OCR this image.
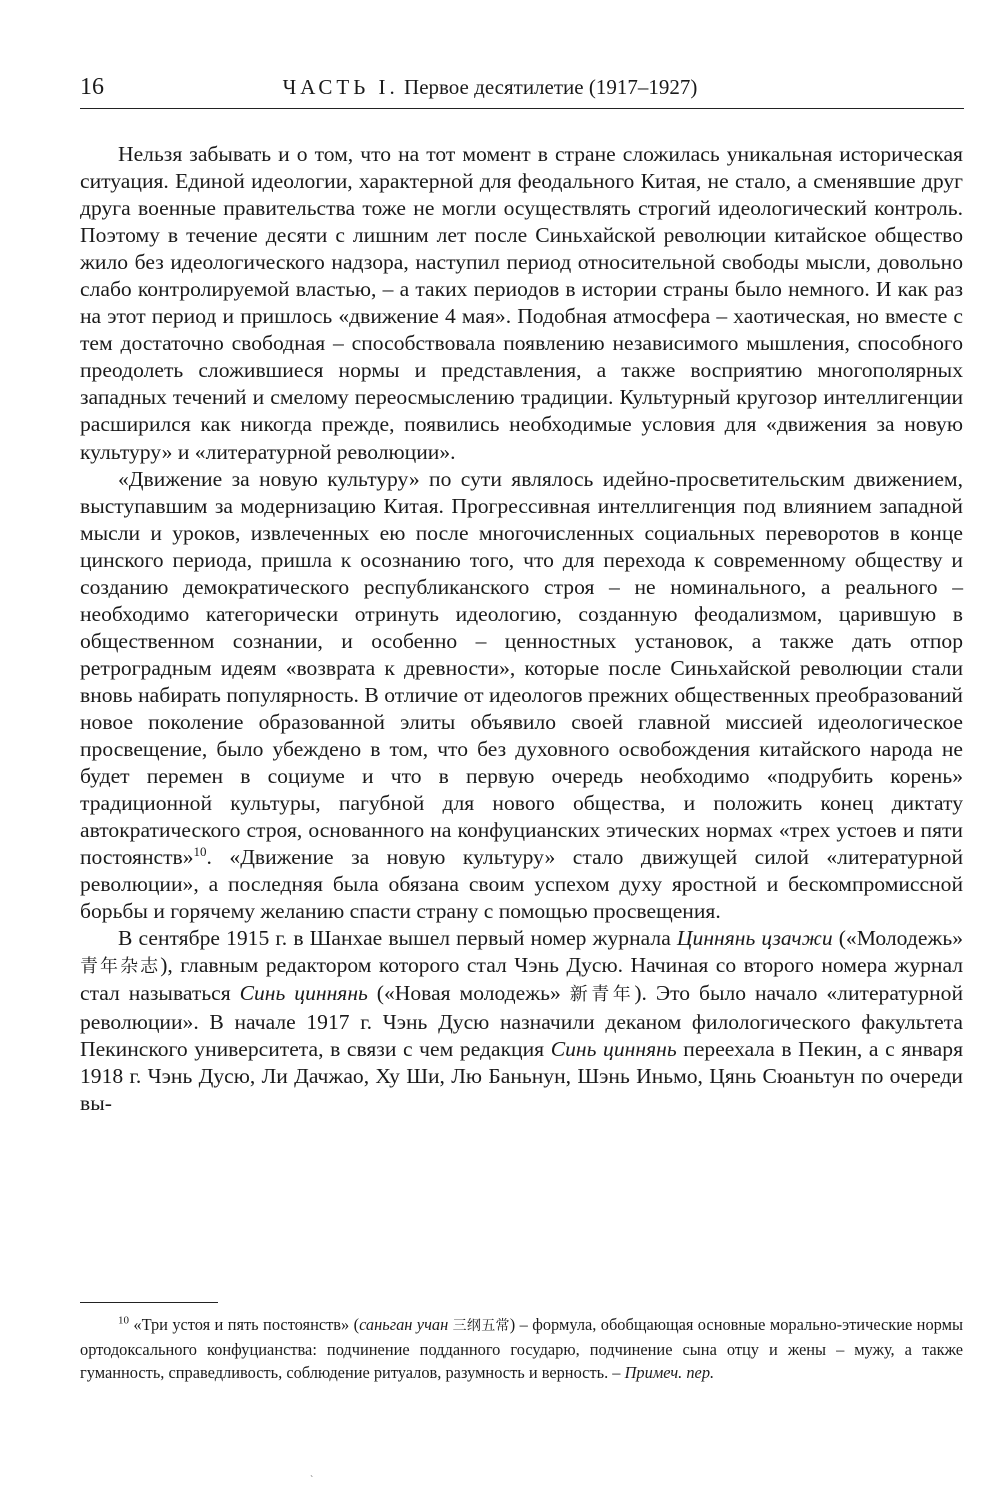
16	ЧАСТЬ I. Первое десятилетие (1917–1927)

Нельзя забывать и о том, что на тот момент в стране сложилась уникальная историческая ситуация. Единой идеологии, характерной для феодального Китая, не стало, а сменявшие друг друга военные правительства тоже не могли осуществлять строгий идеологический контроль. Поэтому в течение десяти с лишним лет после Синьхайской революции китайское общество жило без идеологического надзора, наступил период относительной свободы мысли, довольно слабо контролируемой властью, – а таких периодов в истории страны было немного. И как раз на этот период и пришлось «движение 4 мая». Подобная атмосфера – хаотическая, но вместе с тем достаточно свободная – способствовала появлению независимого мышления, способного преодолеть сложившиеся нормы и представления, а также восприятию многополярных западных течений и смелому переосмыслению традиции. Культурный кругозор интеллигенции расширился как никогда прежде, появились необходимые условия для «движения за новую культуру» и «литературной революции».

«Движение за новую культуру» по сути являлось идейно-просветительским движением, выступавшим за модернизацию Китая. Прогрессивная интеллигенция под влиянием западной мысли и уроков, извлеченных ею после многочисленных социальных переворотов в конце цинского периода, пришла к осознанию того, что для перехода к современному обществу и созданию демократического республиканского строя – не номинального, а реального – необходимо категорически отринуть идеологию, созданную феодализмом, царившую в общественном сознании, и особенно – ценностных установок, а также дать отпор ретроградным идеям «возврата к древности», которые после Синьхайской революции стали вновь набирать популярность. В отличие от идеологов прежних общественных преобразований новое поколение образованной элиты объявило своей главной миссией идеологическое просвещение, было убеждено в том, что без духовного освобождения китайского народа не будет перемен в социуме и что в первую очередь необходимо «подрубить корень» традиционной культуры, пагубной для нового общества, и положить конец диктату автократического строя, основанного на конфуцианских этических нормах «трех устоев и пяти постоянств»$^{10}$. «Движение за новую культуру» стало движущей силой «литературной революции», а последняя была обязана своим успехом духу яростной и бескомпромиссной борьбы и горячему желанию спасти страну с помощью просвещения.

В сентябре 1915 г. в Шанхае вышел первый номер журнала Циннянь цзачжи («Молодежь» 青年杂志), главным редактором которого стал Чэнь Дусю. Начиная со второго номера журнал стал называться Синь циннянь («Новая молодежь» 新青年). Это было начало «литературной революции». В начале 1917 г. Чэнь Дусю назначили деканом филологического факультета Пекинского университета, в связи с чем редакция Синь циннянь переехала в Пекин, а с января 1918 г. Чэнь Дусю, Ли Дачжао, Ху Ши, Лю Баньнун, Шэнь Иньмо, Цянь Сюаньтун по очереди вы-

$^{10}$ «Три устоя и пять постоянств» (саньган учан 三纲五常) – формула, обобщающая основные морально-этические нормы ортодоксального конфуцианства: подчинение подданного государю, подчинение сына отцу и жены – мужу, а также гуманность, справедливость, соблюдение ритуалов, разумность и верность. – Примеч. пер.

`
